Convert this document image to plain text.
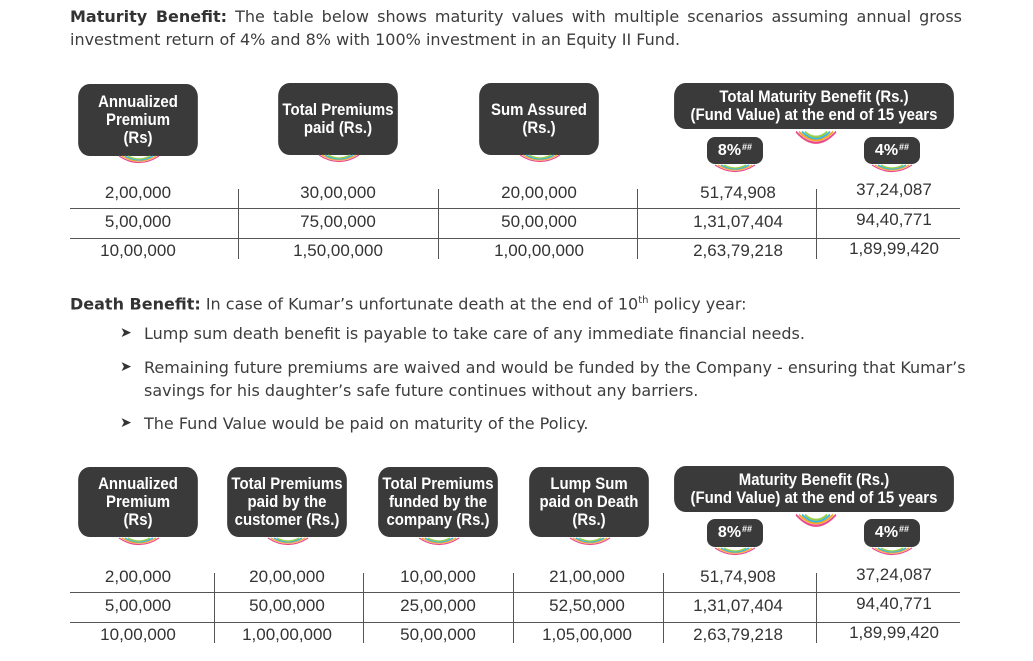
Maturity Benefit: The table below shows maturity values with multiple scenarios assuming annual gross investment return of 4% and 8% with 100% investment in an Equity II Fund.
Annualized
Premium
(Rs)
Total Premiums
paid (Rs.)
Sum Assured
(Rs.)
Total Maturity Benefit (Rs.)
(Fund Value) at the end of 15 years
8%##	4%##
2,00,000	30,00,000	20,00,000	51,74,908	37,24,087
5,00,000	75,00,000	50,00,000	1,31,07,404	94,40,771
10,00,000	1,50,00,000	1,00,00,000	2,63,79,218	1,89,99,420
Death Benefit: In case of Kumar’s unfortunate death at the end of 10th policy year:
➤ Lump sum death benefit is payable to take care of any immediate financial needs.
➤ Remaining future premiums are waived and would be funded by the Company - ensuring that Kumar’s savings for his daughter’s safe future continues without any barriers.
➤ The Fund Value would be paid on maturity of the Policy.
Annualized
Premium
(Rs)
Total Premiums
paid by the
customer (Rs.)
Total Premiums
funded by the
company (Rs.)
Lump Sum
paid on Death
(Rs.)
Maturity Benefit (Rs.)
(Fund Value) at the end of 15 years
8%##	4%##
2,00,000	20,00,000	10,00,000	21,00,000	51,74,908	37,24,087
5,00,000	50,00,000	25,00,000	52,50,000	1,31,07,404	94,40,771
10,00,000	1,00,00,000	50,00,000	1,05,00,000	2,63,79,218	1,89,99,420
